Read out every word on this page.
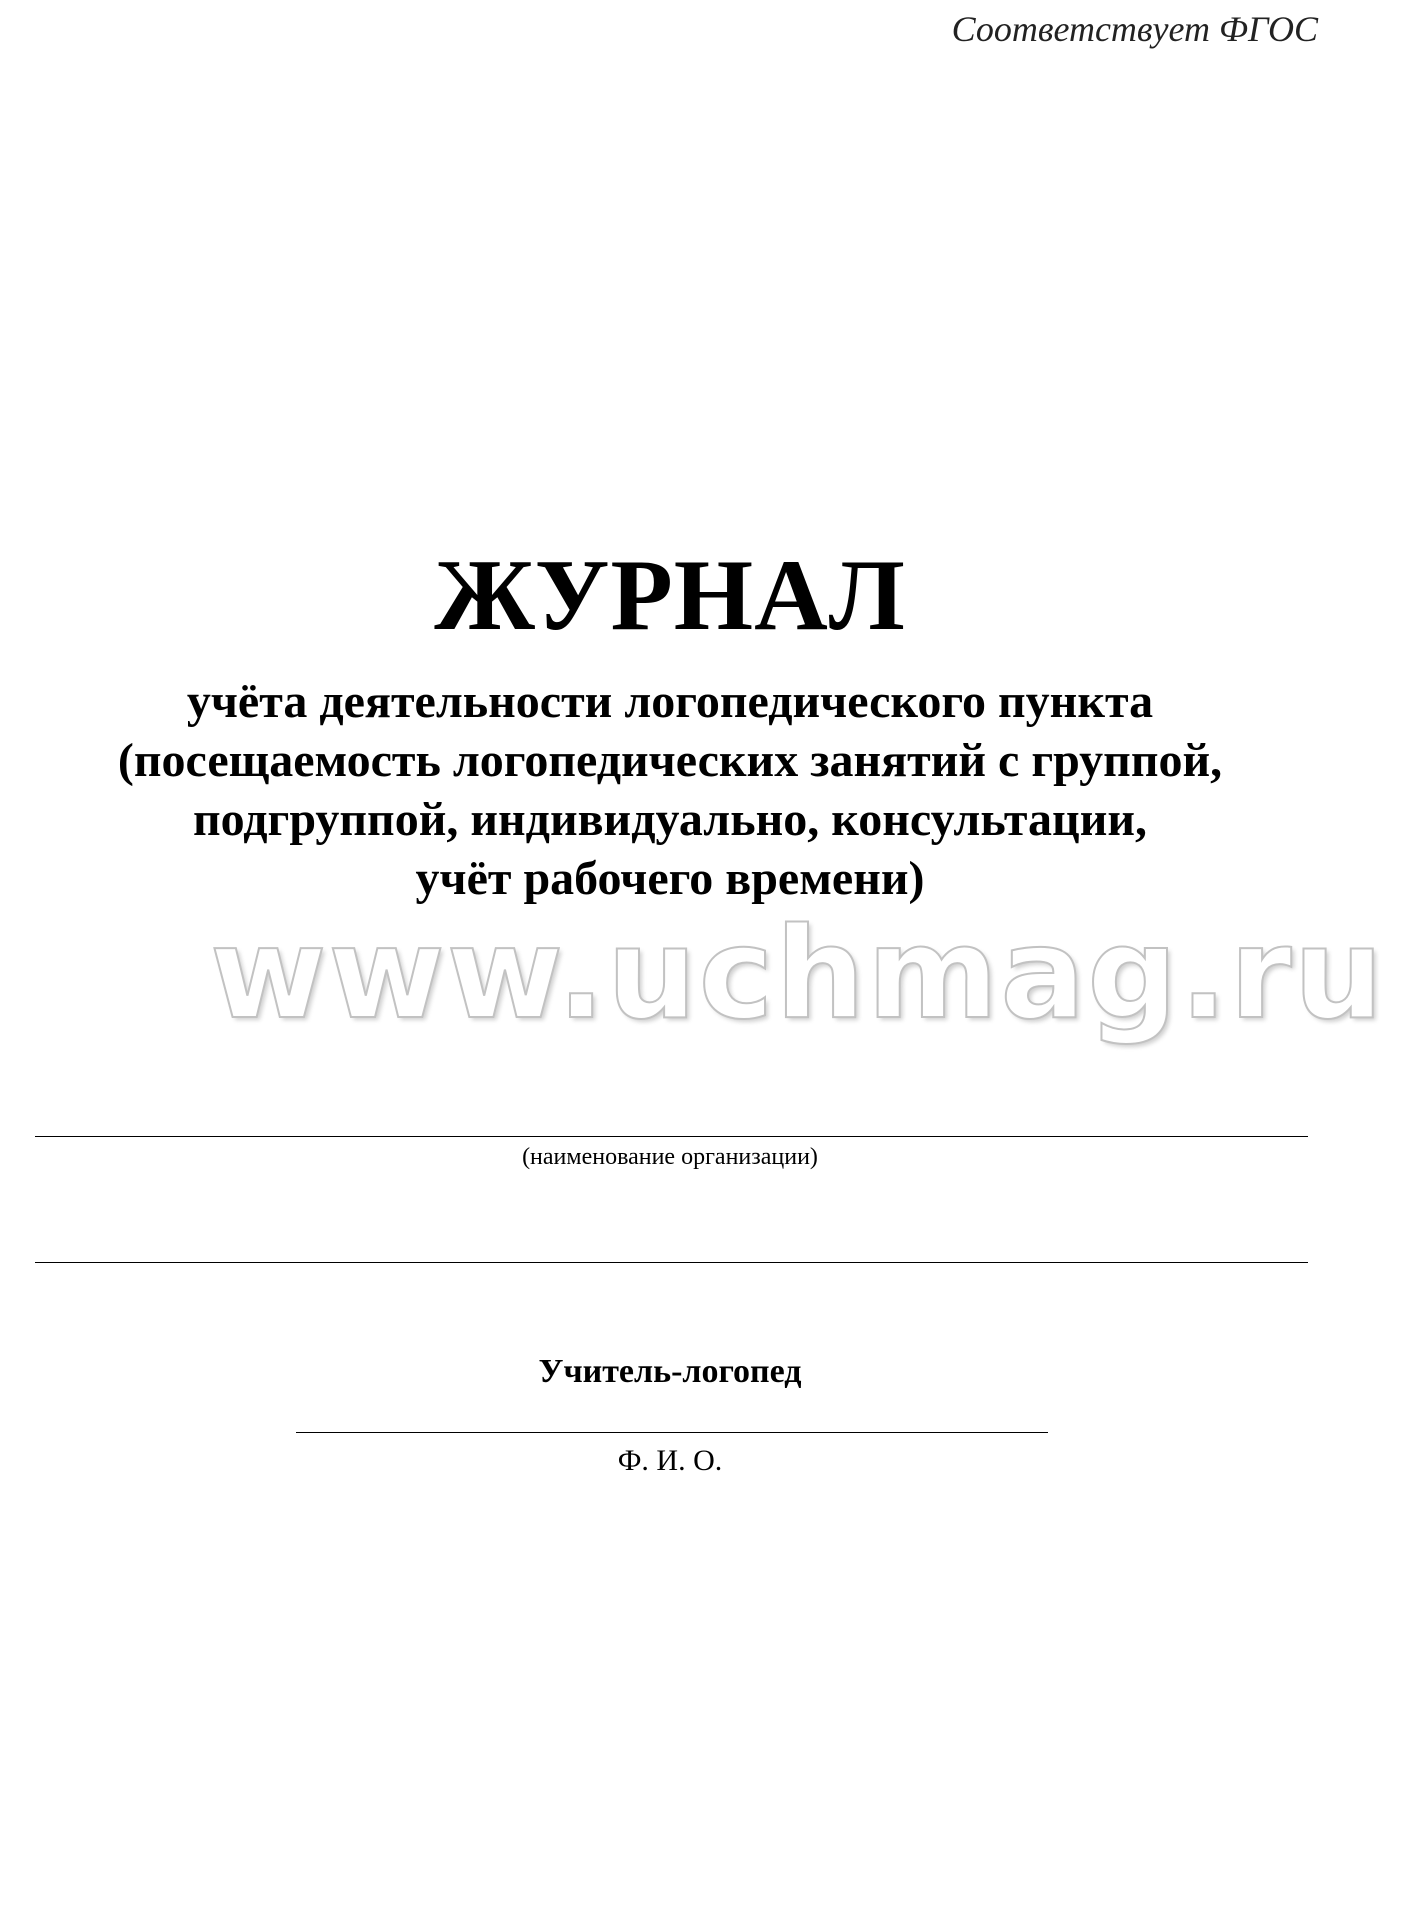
Соответствует ФГОС
ЖУРНАЛ
учёта деятельности логопедического пункта
(посещаемость логопедических занятий с группой,
подгруппой, индивидуально, консультации,
учёт рабочего времени)
www.uchmag.ru
(наименование организации)
Учитель-логопед
Ф. И. О.
